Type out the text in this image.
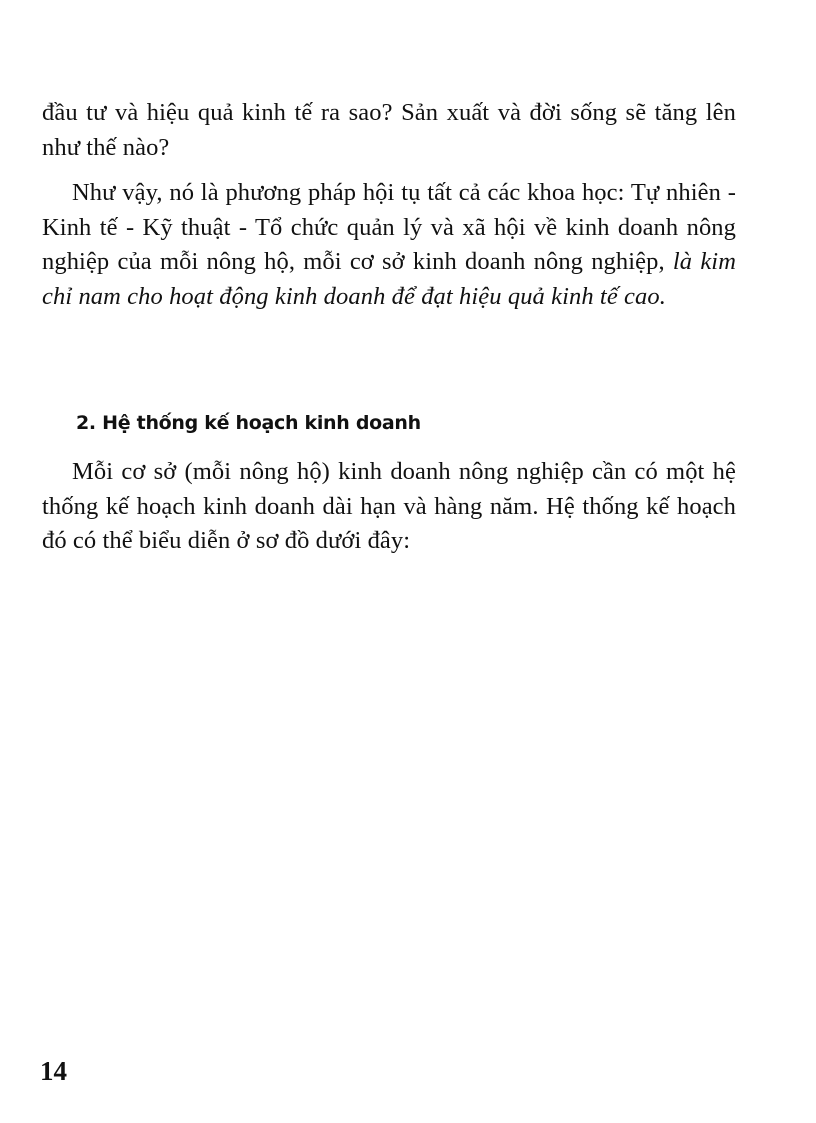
đầu tư và hiệu quả kinh tế ra sao? Sản xuất và đời sống sẽ tăng lên như thế nào?

Như vậy, nó là phương pháp hội tụ tất cả các khoa học: Tự nhiên - Kinh tế - Kỹ thuật - Tổ chức quản lý và xã hội về kinh doanh nông nghiệp của mỗi nông hộ, mỗi cơ sở kinh doanh nông nghiệp, là kim chỉ nam cho hoạt động kinh doanh để đạt hiệu quả kinh tế cao.

2. Hệ thống kế hoạch kinh doanh

Mỗi cơ sở (mỗi nông hộ) kinh doanh nông nghiệp cần có một hệ thống kế hoạch kinh doanh dài hạn và hàng năm. Hệ thống kế hoạch đó có thể biểu diễn ở sơ đồ dưới đây:

14
